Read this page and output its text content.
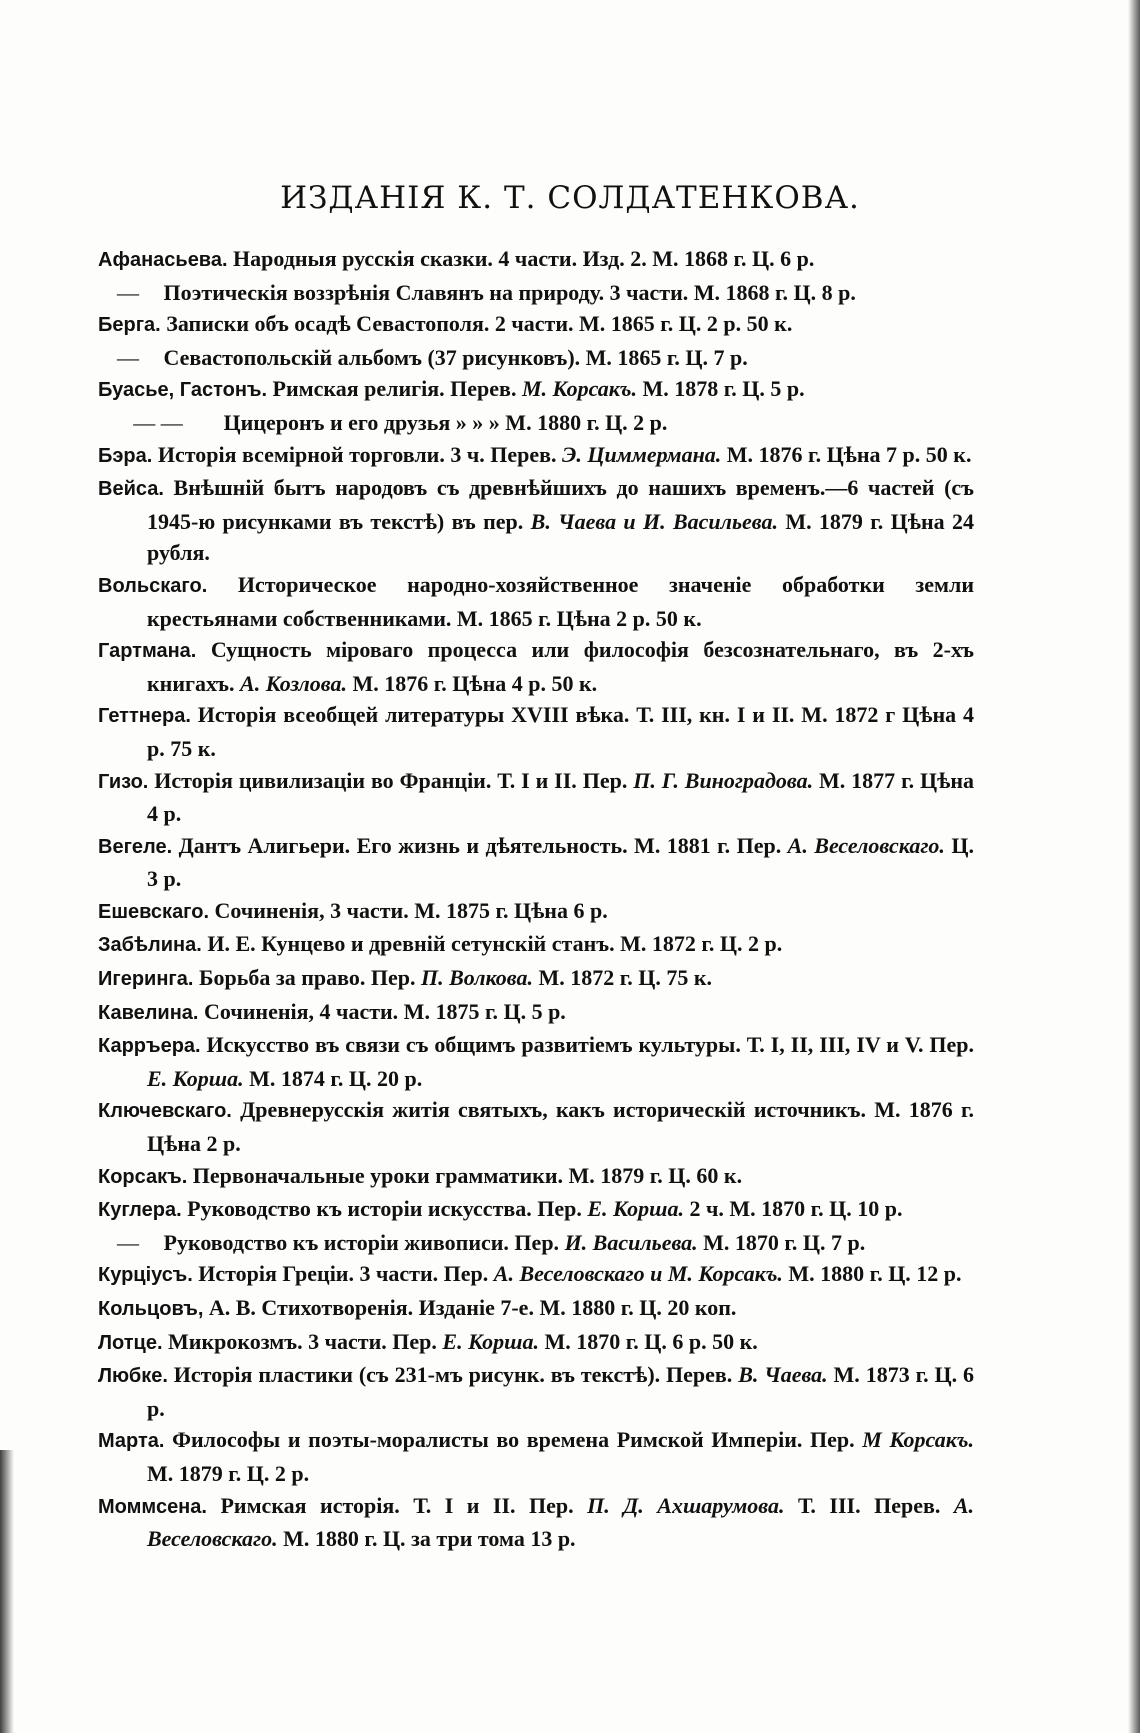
ИЗДАНІЯ К. Т. СОЛДАТЕНКОВА.
Афанасьева. Народныя русскія сказки. 4 части. Изд. 2. М. 1868 г. Ц. 6 р.
— Поэтическія воззрѣнія Славянъ на природу. 3 части. М. 1868 г. Ц. 8 р.
Берга. Записки объ осадѣ Севастополя. 2 части. М. 1865 г. Ц. 2 р. 50 к.
— Севастопольскій альбомъ (37 рисунковъ). М. 1865 г. Ц. 7 р.
Буасье, Гастонъ. Римская религія. Перев. М. Корсакъ. М. 1878 г. Ц. 5 р.
— — Цицеронъ и его друзья » » » М. 1880 г. Ц. 2 р.
Бэра. Исторія всемірной торговли. 3 ч. Перев. Э. Циммермана. М. 1876 г. Цѣна 7 р. 50 к.
Вейса. Внѣшній бытъ народовъ съ древнѣйшихъ до нашихъ временъ.—6 частей (съ 1945-ю рисунками въ текстѣ) въ пер. В. Чаева и И. Васильева. М. 1879 г. Цѣна 24 рубля.
Вольскаго. Историческое народно-хозяйственное значеніе обработки земли крестьянами собственниками. М. 1865 г. Цѣна 2 р. 50 к.
Гартмана. Сущность міроваго процесса или философія безсознательнаго, въ 2-хъ книгахъ. А. Козлова. М. 1876 г. Цѣна 4 р. 50 к.
Геттнера. Исторія всеобщей литературы XVIII вѣка. Т. III, кн. I и II. М. 1872 г Цѣна 4 р. 75 к.
Гизо. Исторія цивилизаціи во Франціи. Т. I и II. Пер. П. Г. Виноградова. М. 1877 г. Цѣна 4 р.
Вегеле. Дантъ Алигьери. Его жизнь и дѣятельность. М. 1881 г. Пер. А. Веселовскаго. Ц. 3 р.
Ешевскаго. Сочиненія, 3 части. М. 1875 г. Цѣна 6 р.
Забѣлина. И. Е. Кунцево и древній сетунскій станъ. М. 1872 г. Ц. 2 р.
Игеринга. Борьба за право. Пер. П. Волкова. М. 1872 г. Ц. 75 к.
Кавелина. Сочиненія, 4 части. М. 1875 г. Ц. 5 р.
Карръера. Искусство въ связи съ общимъ развитіемъ культуры. Т. I, II, III, IV и V. Пер. Е. Корша. М. 1874 г. Ц. 20 р.
Ключевскаго. Древнерусскія житія святыхъ, какъ историческій источникъ. М. 1876 г. Цѣна 2 р.
Корсакъ. Первоначальные уроки грамматики. М. 1879 г. Ц. 60 к.
Куглера. Руководство къ исторіи искусства. Пер. Е. Корша. 2 ч. М. 1870 г. Ц. 10 р.
— Руководство къ исторіи живописи. Пер. И. Васильева. М. 1870 г. Ц. 7 р.
Курціусъ. Исторія Греціи. 3 части. Пер. А. Веселовскаго и М. Корсакъ. М. 1880 г. Ц. 12 р.
Кольцовъ, А. В. Стихотворенія. Изданіе 7-е. М. 1880 г. Ц. 20 коп.
Лотце. Микрокозмъ. 3 части. Пер. Е. Корша. М. 1870 г. Ц. 6 р. 50 к.
Любке. Исторія пластики (съ 231-мъ рисунк. въ текстѣ). Перев. В. Чаева. М. 1873 г. Ц. 6 р.
Марта. Философы и поэты-моралисты во времена Римской Имперіи. Пер. М Корсакъ. М. 1879 г. Ц. 2 р.
Моммсена. Римская исторія. Т. I и II. Пер. П. Д. Ахшарумова. Т. III. Перев. А. Веселовскаго. М. 1880 г. Ц. за три тома 13 р.
